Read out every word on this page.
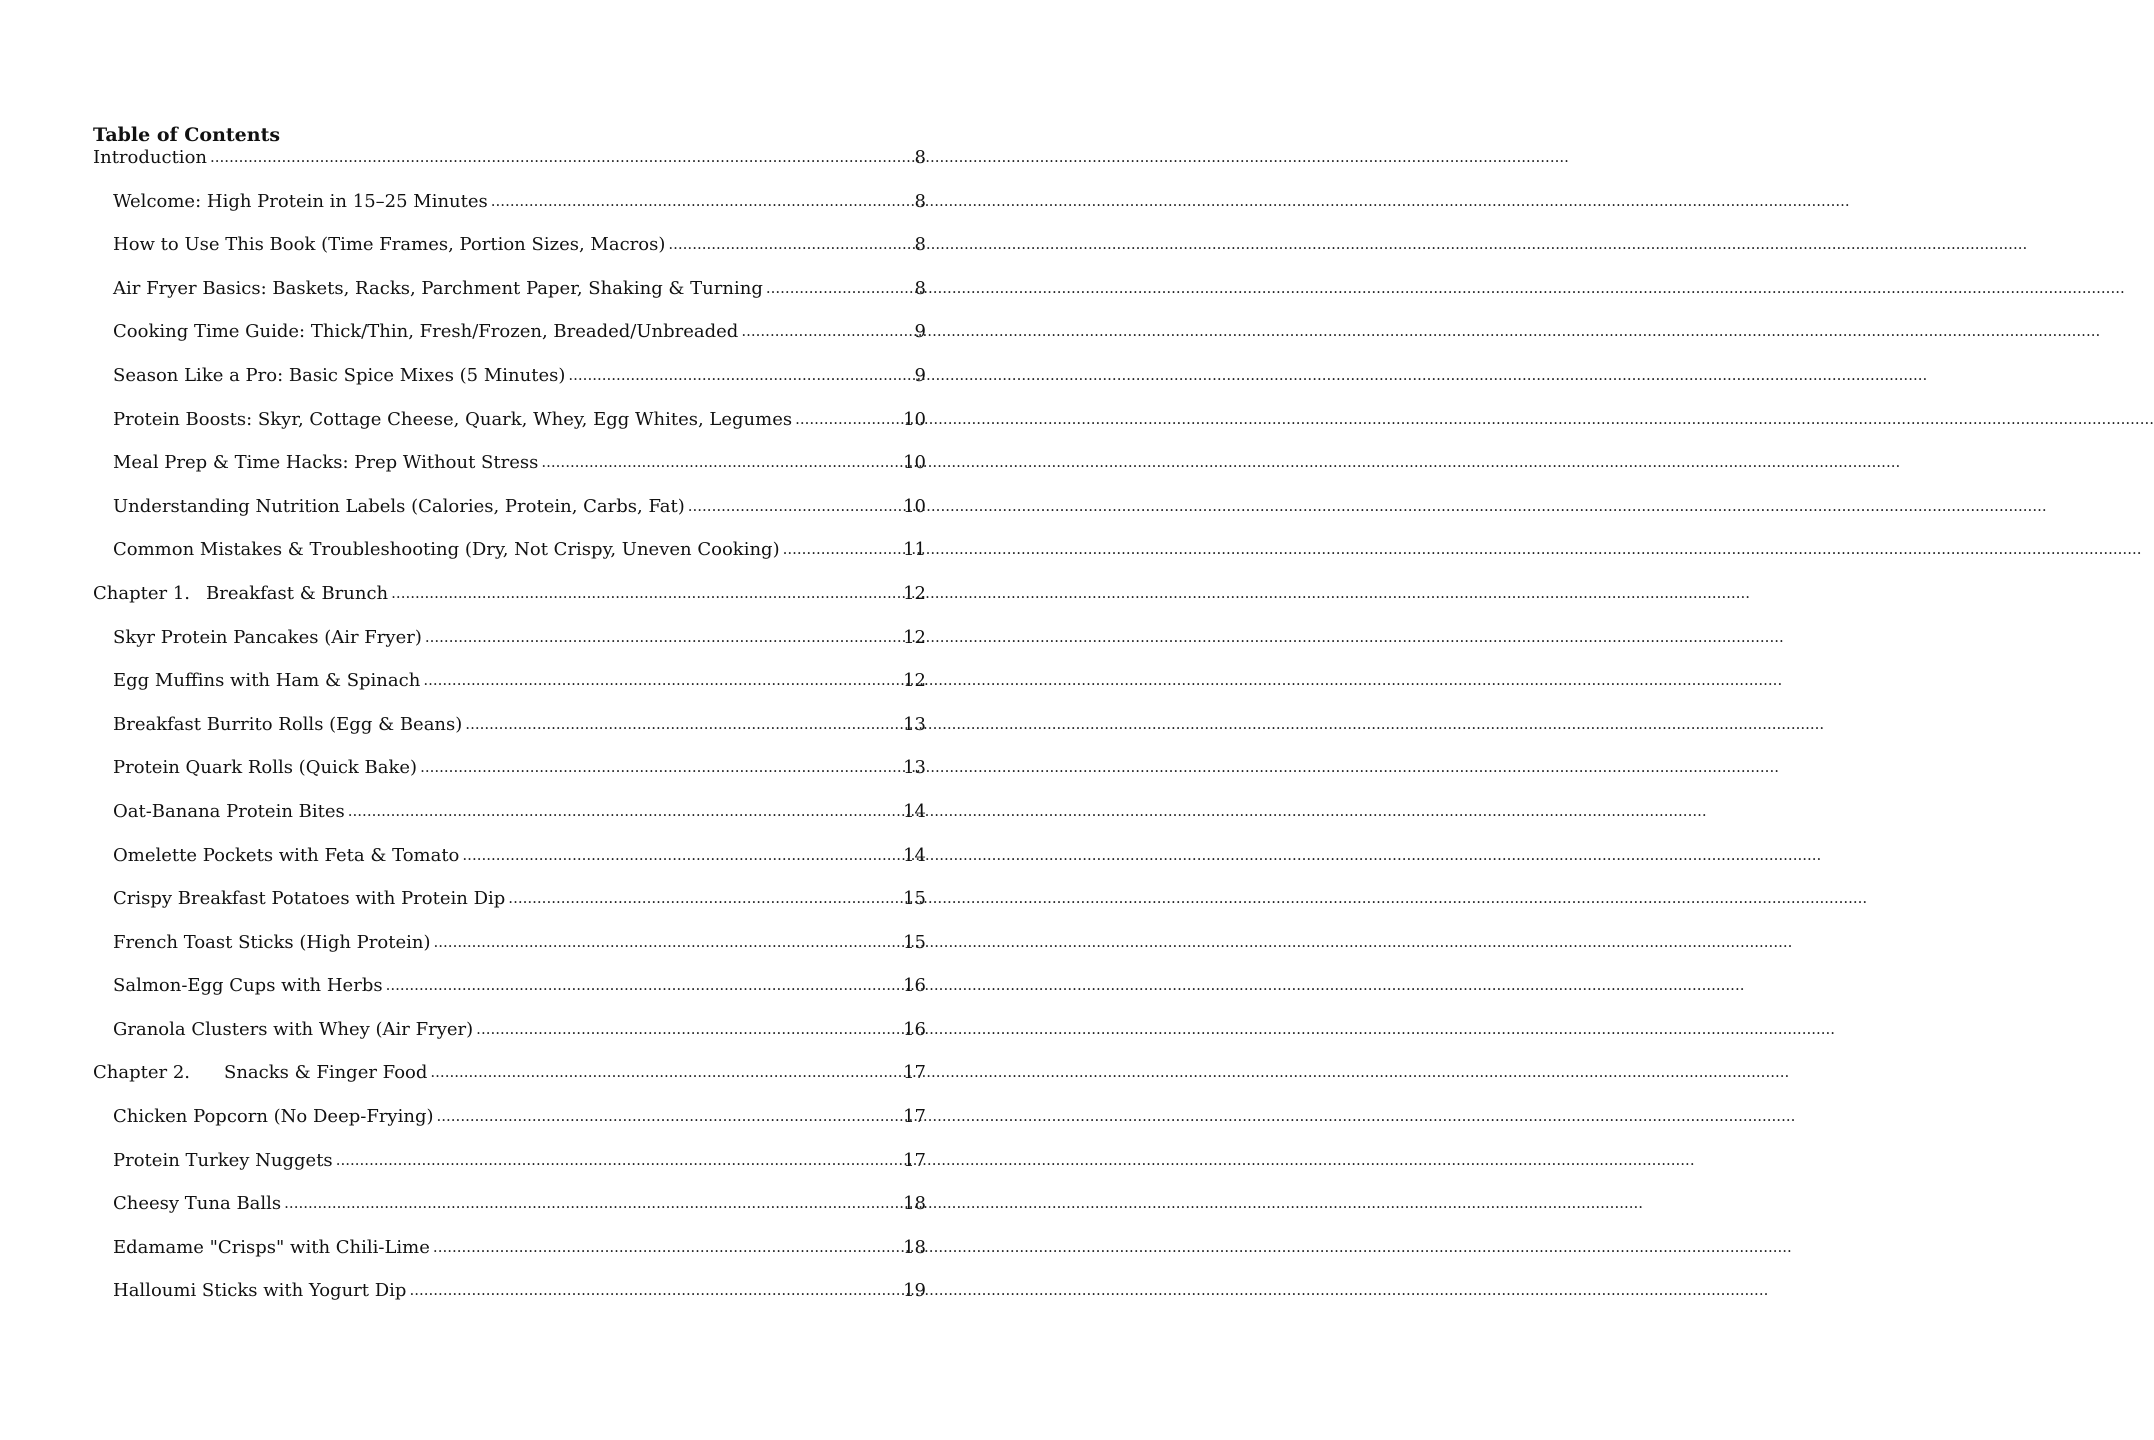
Table of Contents
Introduction .....	8
Welcome: High Protein in 15–25 Minutes .....	8
How to Use This Book (Time Frames, Portion Sizes, Macros) .....	8
Air Fryer Basics: Baskets, Racks, Parchment Paper, Shaking & Turning .....	8
Cooking Time Guide: Thick/Thin, Fresh/Frozen, Breaded/Unbreaded .....	9
Season Like a Pro: Basic Spice Mixes (5 Minutes) .....	9
Protein Boosts: Skyr, Cottage Cheese, Quark, Whey, Egg Whites, Legumes .....	10
Meal Prep & Time Hacks: Prep Without Stress .....	10
Understanding Nutrition Labels (Calories, Protein, Carbs, Fat) .....	10
Common Mistakes & Troubleshooting (Dry, Not Crispy, Uneven Cooking) .....	11
Chapter 1. Breakfast & Brunch .....	12
Skyr Protein Pancakes (Air Fryer) .....	12
Egg Muffins with Ham & Spinach .....	12
Breakfast Burrito Rolls (Egg & Beans) .....	13
Protein Quark Rolls (Quick Bake) .....	13
Oat-Banana Protein Bites .....	14
Omelette Pockets with Feta & Tomato .....	14
Crispy Breakfast Potatoes with Protein Dip .....	15
French Toast Sticks (High Protein) .....	15
Salmon-Egg Cups with Herbs .....	16
Granola Clusters with Whey (Air Fryer) .....	16
Chapter 2.	Snacks & Finger Food .....	17
Chicken Popcorn (No Deep-Frying) .....	17
Protein Turkey Nuggets .....	17
Cheesy Tuna Balls .....	18
Edamame "Crisps" with Chili-Lime .....	18
Halloumi Sticks with Yogurt Dip .....	19
